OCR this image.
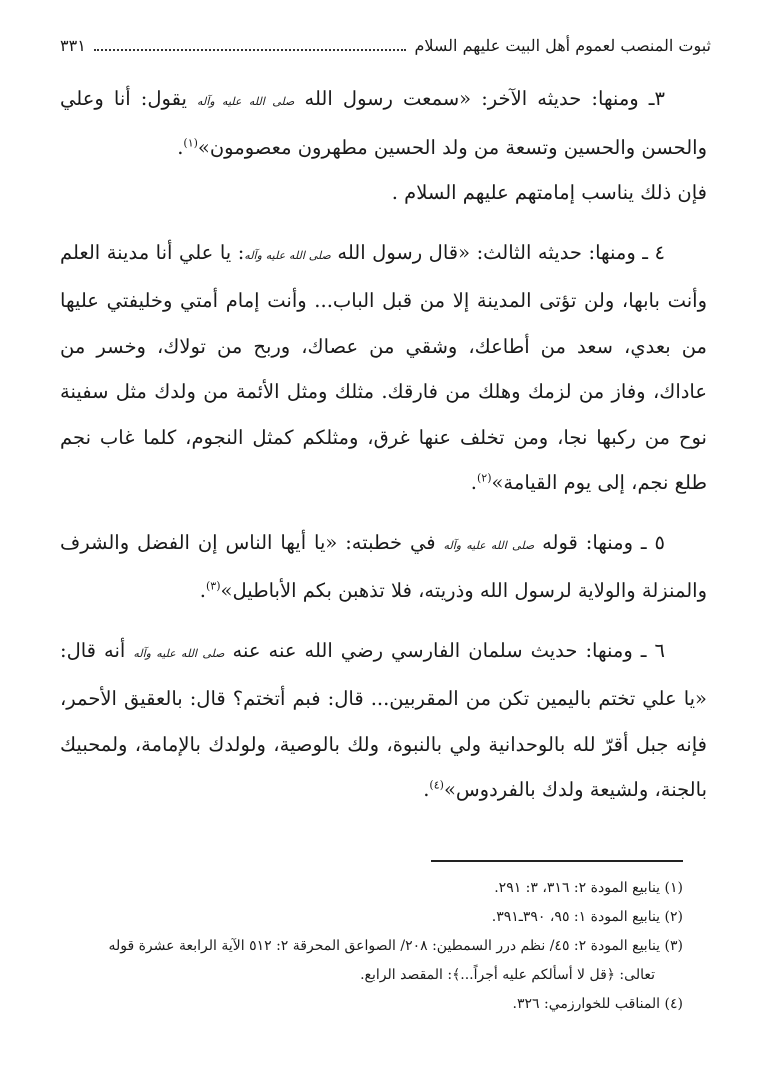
ثبوت المنصب لعموم أهل البيت عليهم السلام
٣٣١

٣ـ ومنها: حديثه الآخر: «سمعت رسول الله صلى الله عليه وآله يقول: أنا وعلي والحسن والحسين وتسعة من ولد الحسين مطهرون معصومون»$^{(١)}$.
فإن ذلك يناسب إمامتهم عليهم السلام .

٤ ـ ومنها: حديثه الثالث: «قال رسول الله صلى الله عليه وآله: يا علي أنا مدينة العلم وأنت بابها، ولن تؤتى المدينة إلا من قبل الباب... وأنت إمام أمتي وخليفتي عليها من بعدي، سعد من أطاعك، وشقي من عصاك، وربح من تولاك، وخسر من عاداك، وفاز من لزمك وهلك من فارقك. مثلك ومثل الأئمة من ولدك مثل سفينة نوح من ركبها نجا، ومن تخلف عنها غرق، ومثلكم كمثل النجوم، كلما غاب نجم طلع نجم، إلى يوم القيامة»$^{(٢)}$.

٥ ـ ومنها: قوله صلى الله عليه وآله في خطبته: «يا أيها الناس إن الفضل والشرف والمنزلة والولاية لرسول الله وذريته، فلا تذهبن بكم الأباطيل»$^{(٣)}$.

٦ ـ ومنها: حديث سلمان الفارسي رضي الله عنه عنه صلى الله عليه وآله أنه قال: «يا علي تختم باليمين تكن من المقربين... قال: فبم أتختم؟ قال: بالعقيق الأحمر، فإنه جبل أقرّ لله بالوحدانية ولي بالنبوة، ولك بالوصية، ولولدك بالإمامة، ولمحبيك بالجنة، ولشيعة ولدك بالفردوس»$^{(٤)}$.

(١) ينابيع المودة ٢: ٣١٦، ٣: ٢٩١.

(٢) ينابيع المودة ١: ٩٥، ٣٩٠ـ٣٩١.

(٣) ينابيع المودة ٢: ٤٥/ نظم درر السمطين: ٢٠٨/ الصواعق المحرقة ٢: ٥١٢ الآية الرابعة عشرة قوله

تعالى: ﴿قل لا أسألكم عليه أجراً...﴾: المقصد الرابع.

(٤) المناقب للخوارزمي: ٣٢٦.
